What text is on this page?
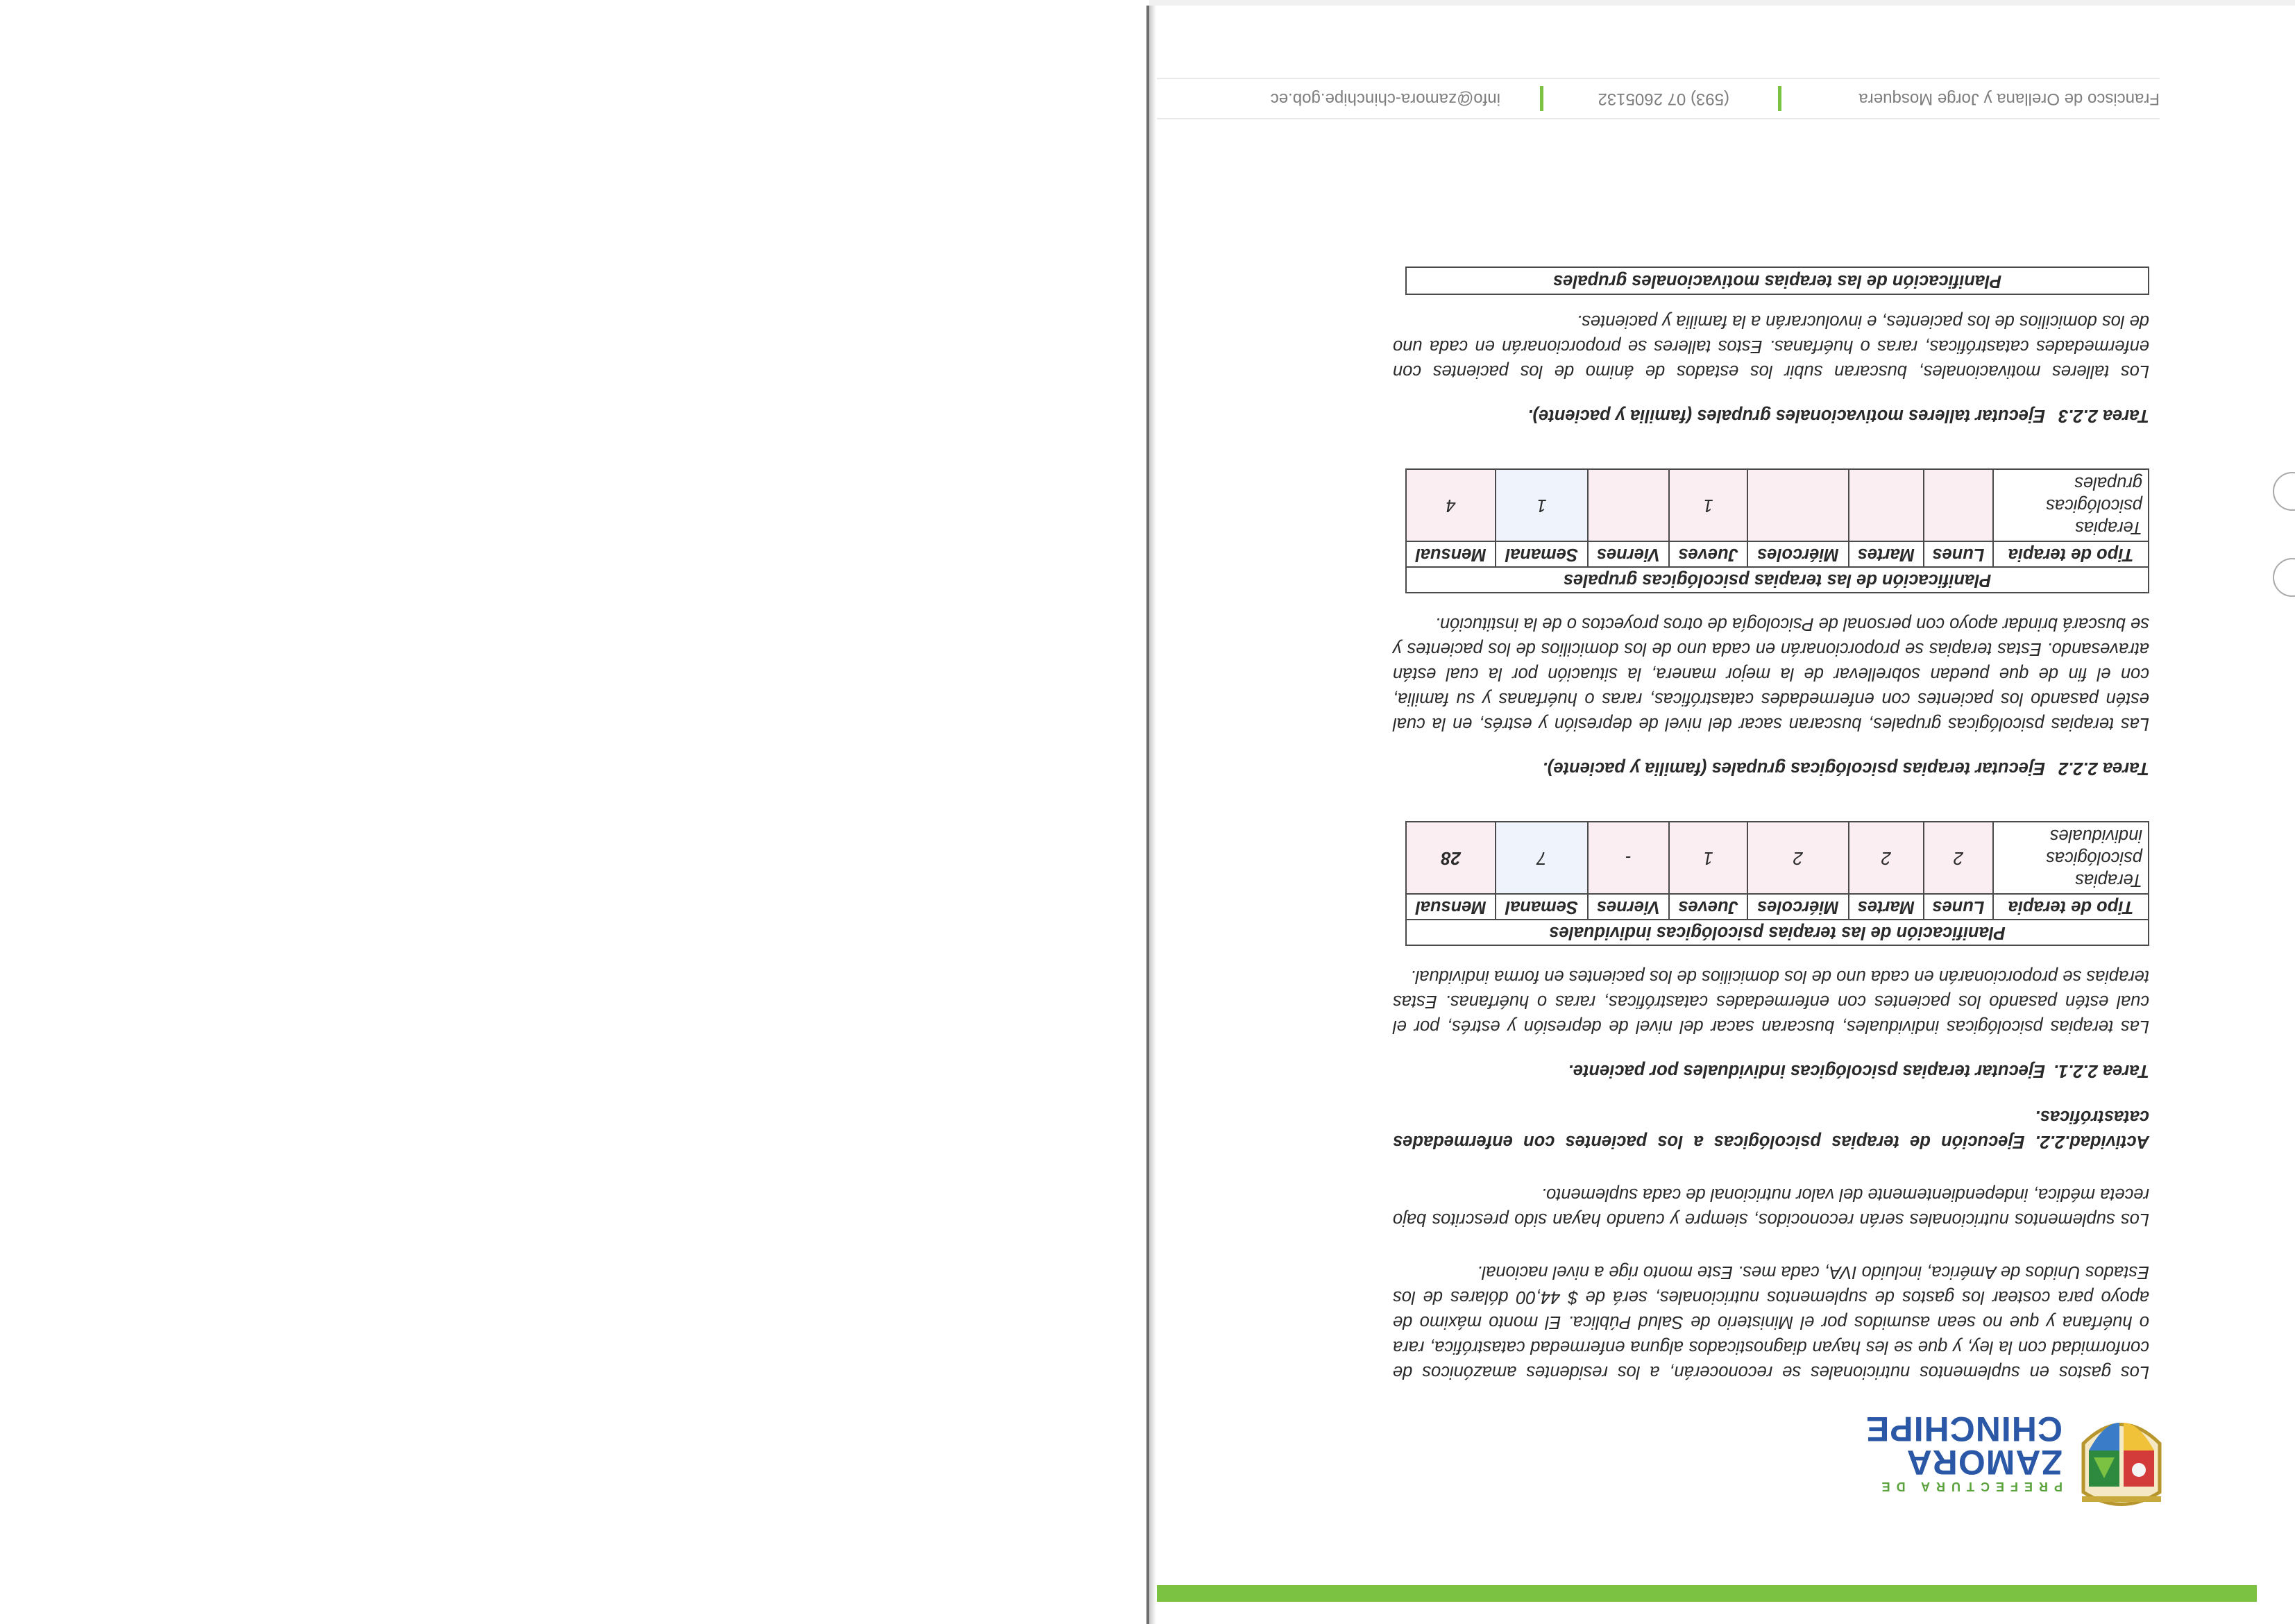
PREFECTURA DE
ZAMORA
CHINCHIPE

Los gastos en suplementos nutricionales se reconocerán, a los residentes amazónicos de conformidad con la ley, y que se les hayan diagnosticados alguna enfermedad catastrófica, rara o huérfana y que no sean asumidos por el Ministerio de Salud Pública. El monto máximo de apoyo para costear los gastos de suplementos nutricionales, será de $ 44,00 dólares de los Estados Unidos de América, incluido IVA, cada mes. Este monto rige a nivel nacional.

Los suplementos nutricionales serán reconocidos, siempre y cuando hayan sido prescritos bajo receta médica, independientemente del valor nutricional de cada suplemento.

Actividad.2.2. Ejecución de terapias psicológicas a los pacientes con enfermedades catastróficas.

Tarea 2.2.1.Ejecutar terapias psicológicas individuales por paciente.

Las terapias psicológicas individuales, buscaran sacar del nivel de depresión y estrés, por el cual estén pasando los pacientes con enfermedades catastróficas, raras o huérfanas. Estas terapias se proporcionarán en cada uno de los domicilios de los pacientes en forma individual.

Planificación de las terapias psicológicas individuales							
Tipo de terapia	Lunes	Martes	Miércoles	Jueves	Viernes	Semanal	Mensual
Terapias psicológicas individuales	2	2	2	1	-	7	28

Tarea 2.2.2Ejecutar terapias psicológicas grupales (familia y paciente).

Las terapias psicológicas grupales, buscaran sacar del nivel de depresión y estrés, en la cual estén pasando los pacientes con enfermedades catastróficas, raras o huérfanas y su familia, con el fin de que puedan sobrellevar de la mejor manera, la situación por la cual están atravesando. Estas terapias se proporcionarán en cada uno de los domicilios de los pacientes y se buscará brindar apoyo con personal de Psicología de otros proyectos o de la institución.

Planificación de las terapias psicológicas grupales							
Tipo de terapia	Lunes	Martes	Miércoles	Jueves	Viernes	Semanal	Mensual
Terapias psicológicas grupales				1		1	4

Tarea 2.2.3Ejecutar talleres motivacionales grupales (familia y paciente).

Los talleres motivacionales, buscaran subir los estados de ánimo de los pacientes con enfermedades catastróficas, raras o huérfanas. Estos talleres se proporcionarán en cada uno de los domicilios de los pacientes, e involucrarán a la familia y pacientes.

Planificación de las terapias motivacionales grupales
Francisco de Orellana y Jorge Mosquera
(593) 07 2605132
info@zamora-chinchipe.gob.ec
